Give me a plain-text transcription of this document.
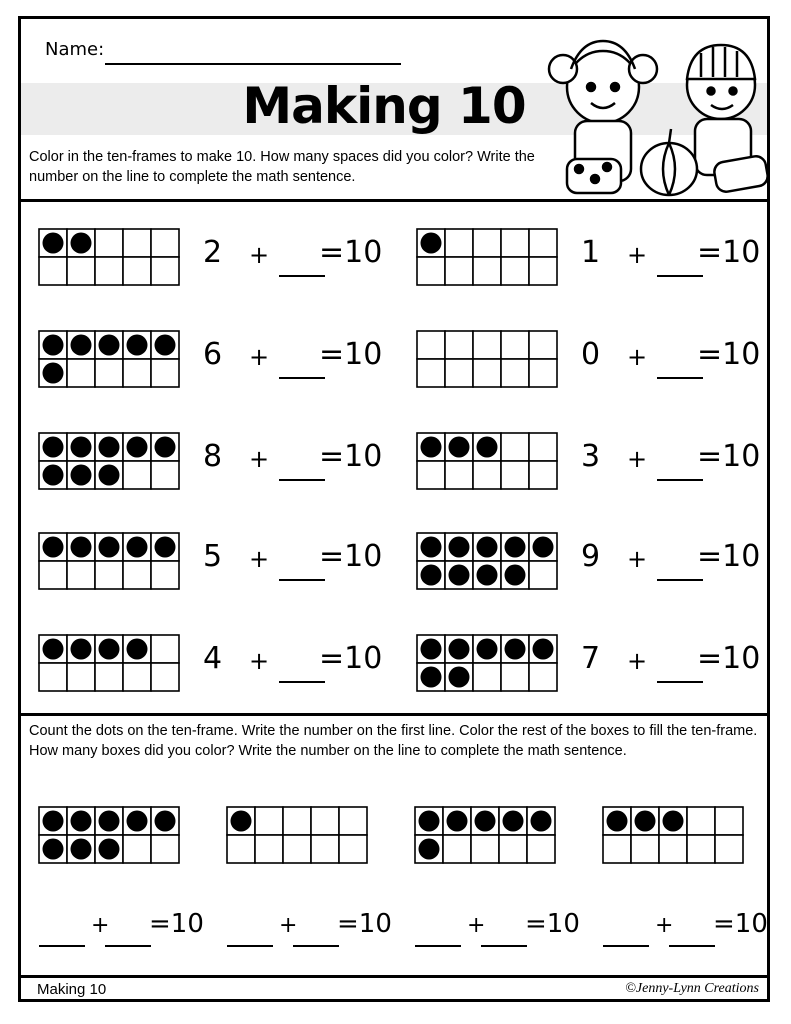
Name:
Making 10
Color in the ten-frames to make 10. How many spaces did you color? Write the number on the line to complete the math sentence.
2 + =10	1 + =10
6 + =10	0 + =10
8 + =10	3 + =10
5 + =10	9 + =10
4 + =10	7 + =10
Count the dots on the ten-frame. Write the number on the first line. Color the rest of the boxes to fill the ten-frame. How many boxes did you color? Write the number on the line to complete the math sentence.
+ =10	+ =10	+ =10	+ =10
Making 10	©Jenny-Lynn Creations
